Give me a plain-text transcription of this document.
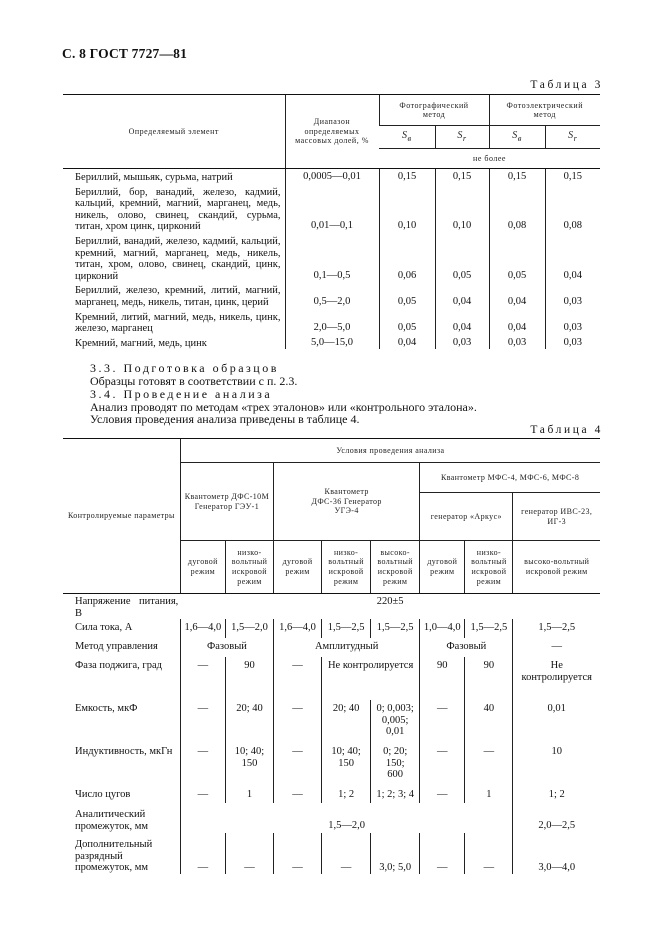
С. 8 ГОСТ 7727—81
Таблица 3
Определяемый элемент	Диапазон определяемых массовых долей, %	Фотографический метод		Фотоэлектрический метод	
		$S_в$	$S_r$	$S_в$	$S_r$
		не более			
Бериллий, мышьяк, сурьма, натрий	0,0005—0,01	0,15	0,15	0,15	0,15
Бериллий, бор, ванадий, железо, кадмий, кальций, кремний, магний, марганец, медь, никель, олово, свинец, скандий, сурьма, титан, хром цинк, цирконий	0,01—0,1	0,10	0,10	0,08	0,08
Бериллий, ванадий, железо, кадмий, кальций, кремний, магний, марганец, медь, никель, титан, хром, олово, свинец, скандий, цинк, цирконий	0,1—0,5	0,06	0,05	0,05	0,04
Бериллий, железо, кремний, литий, магний, марганец, медь, никель, титан, цинк, церий	0,5—2,0	0,05	0,04	0,04	0,03
Кремний, литий, магний, медь, никель, цинк, железо, марганец	2,0—5,0	0,05	0,04	0,04	0,03
Кремний, магний, медь, цинк	5,0—15,0	0,04	0,03	0,03	0,03
3.3. Подготовка образцов
Образцы готовят в соответствии с п. 2.3.
3.4. Проведение анализа
Анализ проводят по методам «трех эталонов» или «контрольного эталона».
Условия проведения анализа приведены в таблице 4.
Таблица 4
Контролируемые параметры	Условия проведения анализа							
	Квантометр ДФС-10М Генератор ГЭУ-1		Квантометр ДФС-36 Генератор УГЭ-4			Квантометр МФС-4, МФС-6, МФС-8		
						генератор «Аркус»		генератор ИВС-23, ИГ-3
	дуговой режим	низко-вольтный искровой режим	дуговой режим	низко-вольтный искровой режим	высоко-вольтный искровой режим	дуговой режим	низко-вольтный искровой режим	высоко-вольтный искровой режим
Напряжение питания, В	220±5							
Сила тока, А	1,6—4,0	1,5—2,0	1,6—4,0	1,5—2,5	1,5—2,5	1,0—4,0	1,5—2,5	1,5—2,5
Метод управления	Фазовый		Амплитудный			Фазовый		—
Фаза поджига, град	—	90	—	Не контролируется		90	90	Не контролируется
Емкость, мкФ	—	20; 40	—	20; 40	0; 0,003; 0,005; 0,01	—	40	0,01
Индуктивность, мкГн	—	10; 40; 150	—	10; 40; 150	0; 20; 150; 600	—	—	10
Число цугов	—	1	—	1; 2	1; 2; 3; 4	—	1	1; 2
Аналитический промежуток, мм	1,5—2,0							2,0—2,5
Дополнительный разрядный промежуток, мм	—	—	—	—	3,0; 5,0	—	—	3,0—4,0
